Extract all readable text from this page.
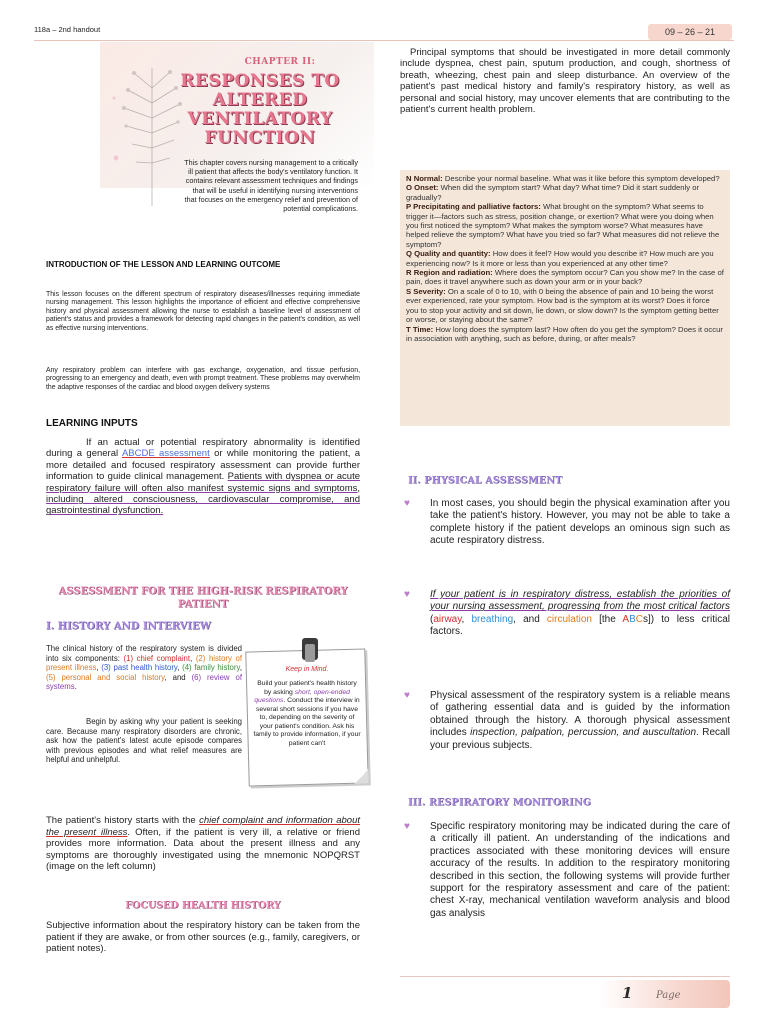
118a – 2nd handout	09 – 26 – 21
CHAPTER II:
RESPONSES TO ALTERED VENTILATORY FUNCTION
This chapter covers nursing management to a critically ill patient that affects the body's ventilatory function. It contains relevant assessment techniques and findings that will be useful in identifying nursing interventions that focuses on the emergency relief and prevention of potential complications.
INTRODUCTION OF THE LESSON AND LEARNING OUTCOME
This lesson focuses on the different spectrum of respiratory diseases/illnesses requiring immediate nursing management. This lesson highlights the importance of efficient and effective comprehensive history and physical assessment allowing the nurse to establish a baseline level of assessment of patient's status and provides a framework for detecting rapid changes in the patient's condition, as well as effective nursing interventions.
Any respiratory problem can interfere with gas exchange, oxygenation, and tissue perfusion, progressing to an emergency and death, even with prompt treatment. These problems may overwhelm the adaptive responses of the cardiac and blood oxygen delivery systems
LEARNING INPUTS
If an actual or potential respiratory abnormality is identified during a general ABCDE assessment or while monitoring the patient, a more detailed and focused respiratory assessment can provide further information to guide clinical management. Patients with dyspnea or acute respiratory failure will often also manifest systemic signs and symptoms, including altered consciousness, cardiovascular compromise, and gastrointestinal dysfunction.
ASSESSMENT FOR THE HIGH-RISK RESPIRATORY PATIENT
I. HISTORY AND INTERVIEW
The clinical history of the respiratory system is divided into six components: (1) chief complaint, (2) history of present illness, (3) past health history, (4) family history, (5) personal and social history, and (6) review of systems.
Begin by asking why your patient is seeking care. Because many respiratory disorders are chronic, ask how the patient's latest acute episode compares with previous episodes and what relief measures are helpful and unhelpful.
Keep in Mind.
Build your patient's health history by asking short, open-ended questions. Conduct the interview in several short sessions if you have to, depending on the severity of your patient's condition. Ask his family to provide information, if your patient can't
The patient's history starts with the chief complaint and information about the present illness. Often, if the patient is very ill, a relative or friend provides more information. Data about the present illness and any symptoms are thoroughly investigated using the mnemonic NOPQRST (image on the left column)
FOCUSED HEALTH HISTORY
Subjective information about the respiratory history can be taken from the patient if they are awake, or from other sources (e.g., family, caregivers, or patient notes).
Principal symptoms that should be investigated in more detail commonly include dyspnea, chest pain, sputum production, and cough, shortness of breath, wheezing, chest pain and sleep disturbance. An overview of the patient's past medical history and family's respiratory history, as well as personal and social history, may uncover elements that are contributing to the patient's current health problem.
N Normal: Describe your normal baseline. What was it like before this symptom developed?
O Onset: When did the symptom start? What day? What time? Did it start suddenly or gradually?
P Precipitating and palliative factors: What brought on the symptom? What seems to trigger it—factors such as stress, position change, or exertion? What were you doing when you first noticed the symptom? What makes the symptom worse? What measures have helped relieve the symptom? What have you tried so far? What measures did not relieve the symptom?
Q Quality and quantity: How does it feel? How would you describe it? How much are you experiencing now? Is it more or less than you experienced at any other time?
R Region and radiation: Where does the symptom occur? Can you show me? In the case of pain, does it travel anywhere such as down your arm or in your back?
S Severity: On a scale of 0 to 10, with 0 being the absence of pain and 10 being the worst ever experienced, rate your symptom. How bad is the symptom at its worst? Does it force you to stop your activity and sit down, lie down, or slow down? Is the symptom getting better or worse, or staying about the same?
T Time: How long does the symptom last? How often do you get the symptom? Does it occur in association with anything, such as before, during, or after meals?
II. PHYSICAL ASSESSMENT
♥ In most cases, you should begin the physical examination after you take the patient's history. However, you may not be able to take a complete history if the patient develops an ominous sign such as acute respiratory distress.
♥ If your patient is in respiratory distress, establish the priorities of your nursing assessment, progressing from the most critical factors (airway, breathing, and circulation [the ABCs]) to less critical factors.
♥ Physical assessment of the respiratory system is a reliable means of gathering essential data and is guided by the information obtained through the history. A thorough physical assessment includes inspection, palpation, percussion, and auscultation. Recall your previous subjects.
III. RESPIRATORY MONITORING
♥ Specific respiratory monitoring may be indicated during the care of a critically ill patient. An understanding of the indications and practices associated with these monitoring devices will ensure accuracy of the results. In addition to the respiratory monitoring described in this section, the following systems will provide further support for the respiratory assessment and care of the patient: chest X-ray, mechanical ventilation waveform analysis and blood gas analysis
1 Page
